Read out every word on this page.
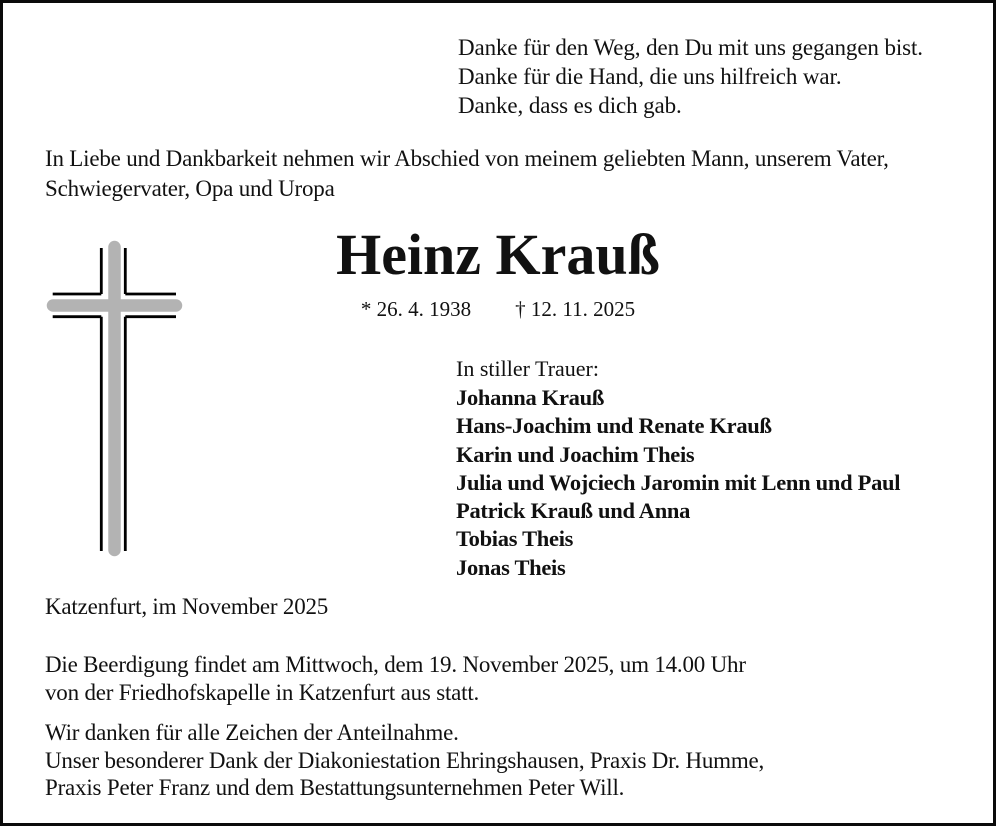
Danke für den Weg, den Du mit uns gegangen bist.
Danke für die Hand, die uns hilfreich war.
Danke, dass es dich gab.
In Liebe und Dankbarkeit nehmen wir Abschied von meinem geliebten Mann, unserem Vater,
Schwiegervater, Opa und Uropa
Heinz Krauß
* 26. 4. 1938 † 12. 11. 2025
In stiller Trauer:
Johanna Krauß
Hans-Joachim und Renate Krauß
Karin und Joachim Theis
Julia und Wojciech Jaromin mit Lenn und Paul
Patrick Krauß und Anna
Tobias Theis
Jonas Theis
Katzenfurt, im November 2025
Die Beerdigung findet am Mittwoch, dem 19. November 2025, um 14.00 Uhr
von der Friedhofskapelle in Katzenfurt aus statt.
Wir danken für alle Zeichen der Anteilnahme.
Unser besonderer Dank der Diakoniestation Ehringshausen, Praxis Dr. Humme,
Praxis Peter Franz und dem Bestattungsunternehmen Peter Will.
